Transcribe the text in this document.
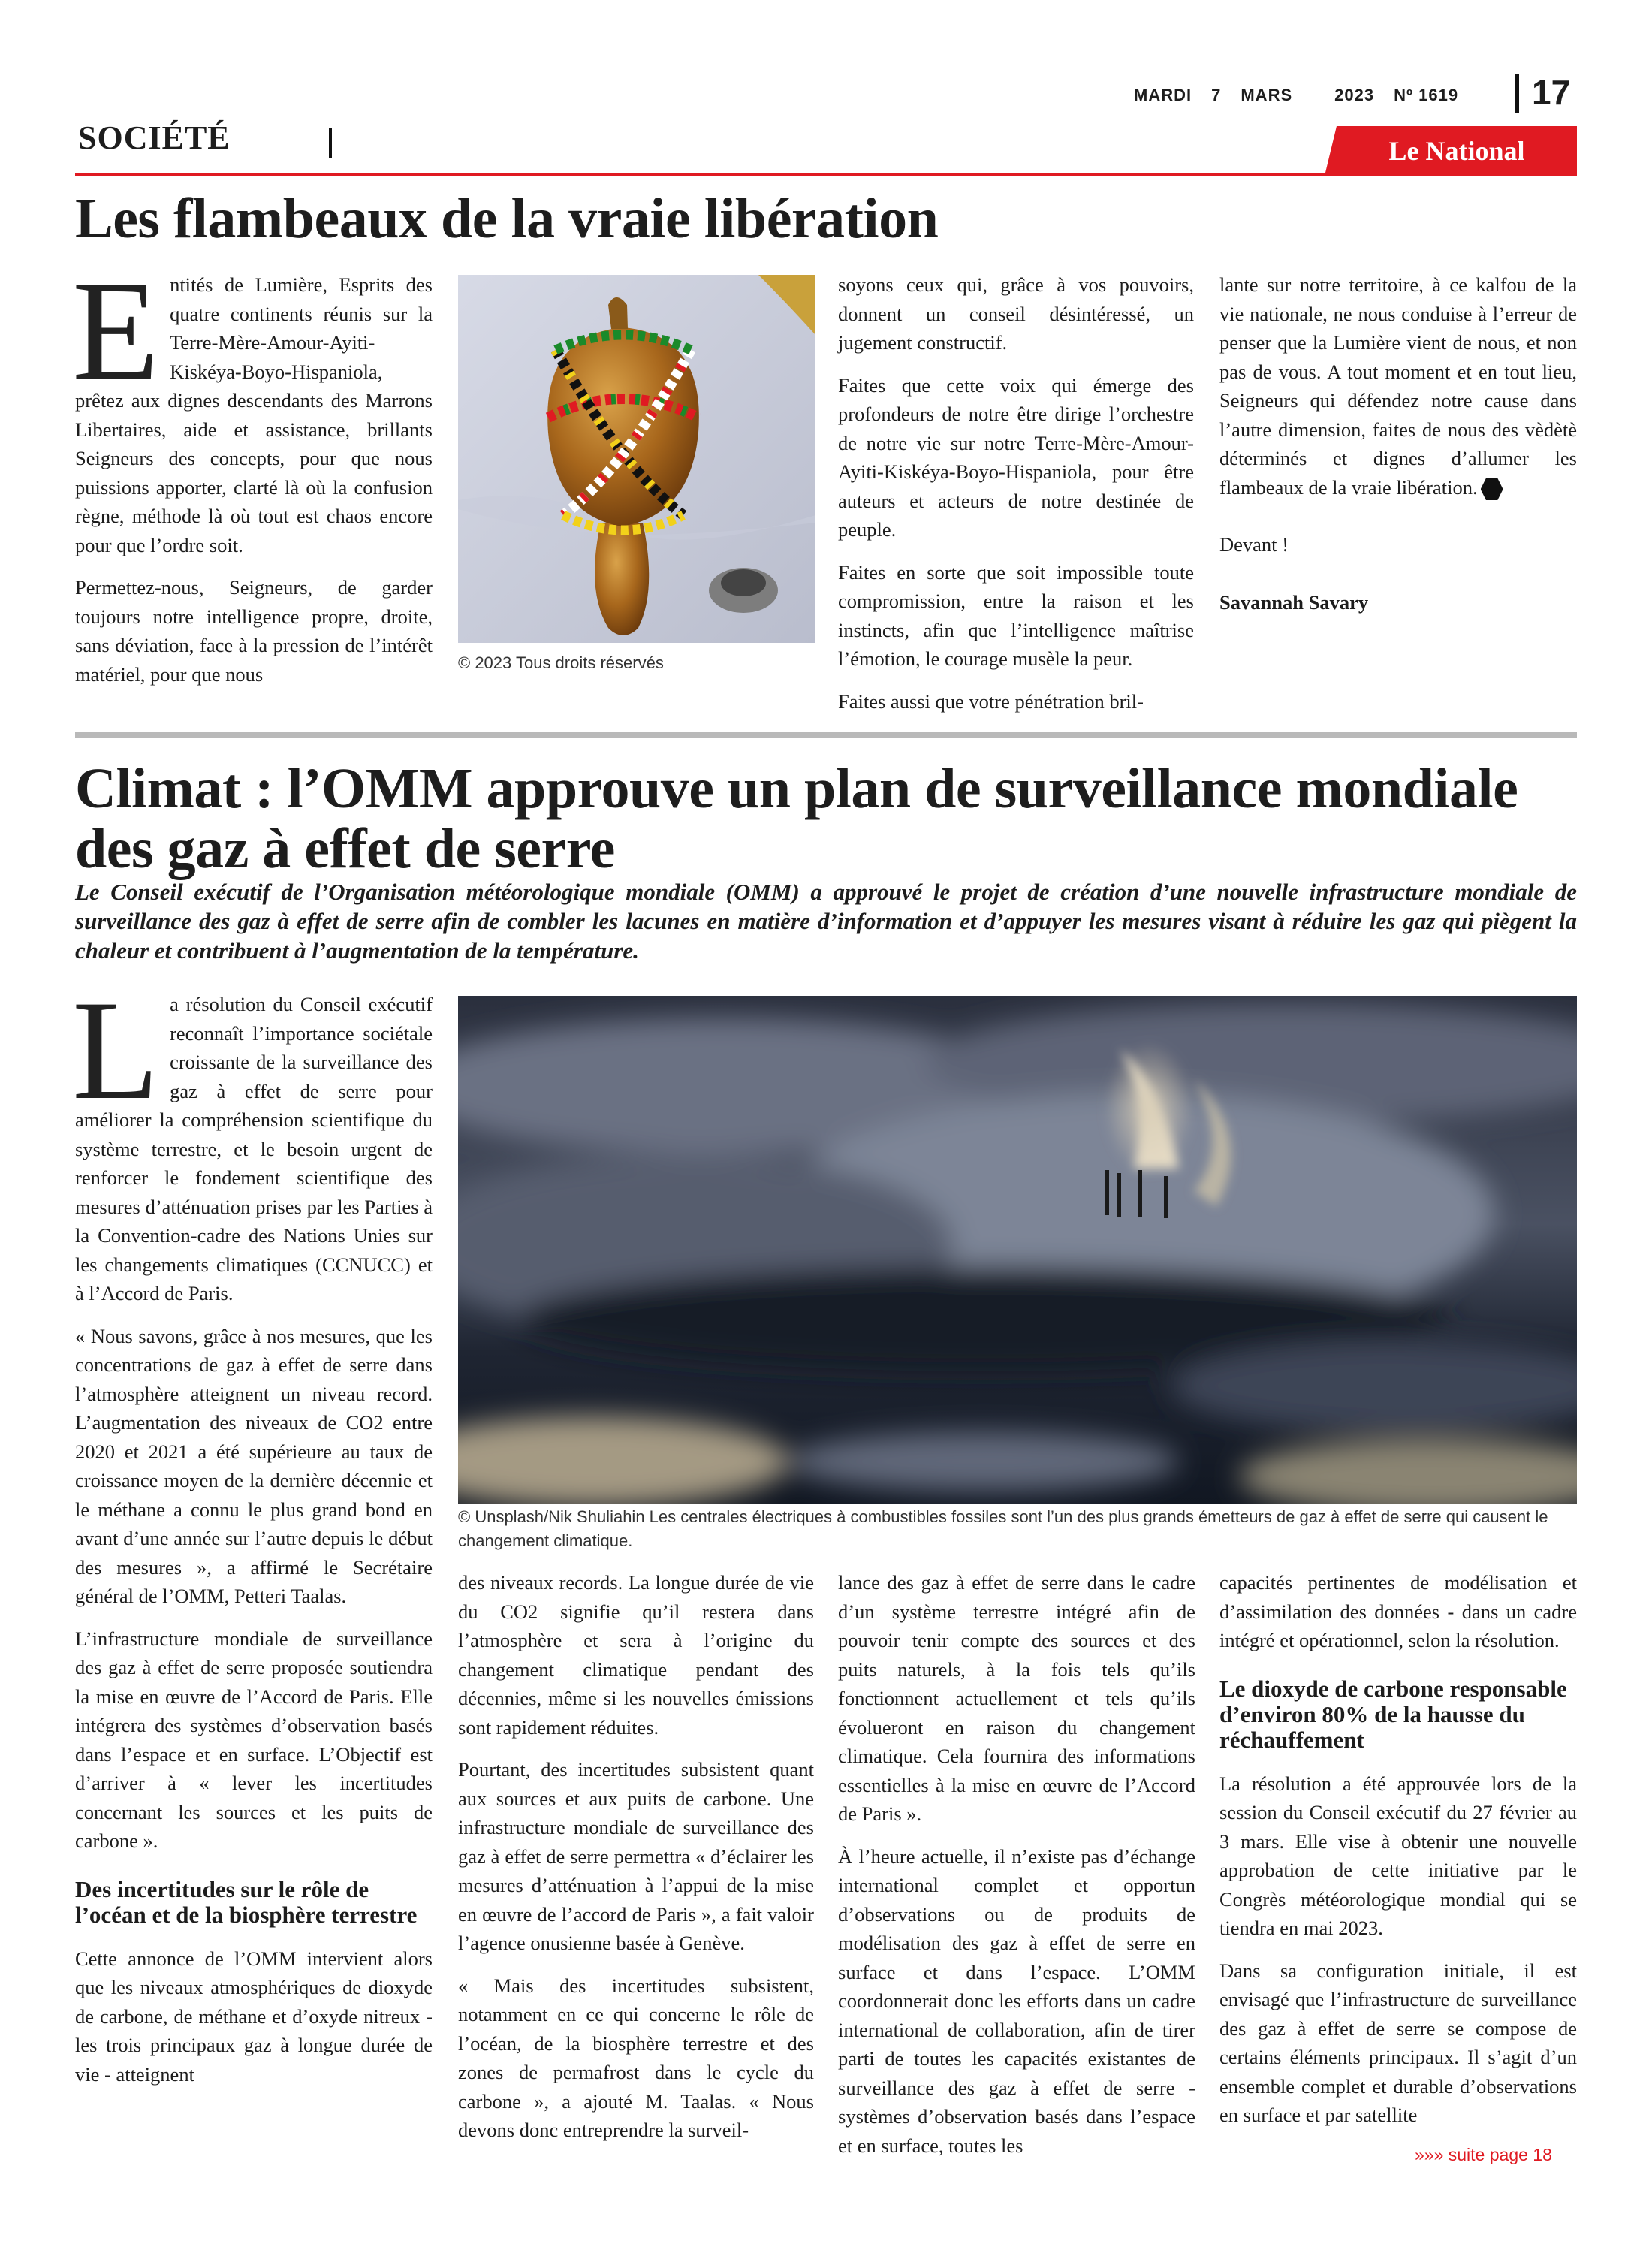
MARDI 7 MARS	2023 Nº 1619	17
SOCIÉTÉ	Le National
Les flambeaux de la vraie libération

Entités de Lumière, Esprits des quatre continents réunis sur la Terre-Mère-Amour-Ayiti-Kiskéya-Boyo-Hispaniola, prêtez aux dignes descendants des Marrons Libertaires, aide et assistance, brillants Seigneurs des concepts, pour que nous puissions apporter, clarté là où la confusion règne, méthode là où tout est chaos encore pour que l’ordre soit.

Permettez-nous, Seigneurs, de garder toujours notre intelligence propre, droite, sans déviation, face à la pression de l’intérêt matériel, pour que nous	© 2023 Tous droits réservés

soyons ceux qui, grâce à vos pouvoirs, donnent un conseil désintéressé, un jugement constructif.

Faites que cette voix qui émerge des profondeurs de notre être dirige l’orchestre de notre vie sur notre Terre-Mère-Amour-Ayiti-Kiskéya-Boyo-Hispaniola, pour être auteurs et acteurs de notre destinée de peuple.

Faites en sorte que soit impossible toute compromission, entre la raison et les instincts, afin que l’intelligence maîtrise l’émotion, le courage musèle la peur.

Faites aussi que votre pénétration bril-

lante sur notre territoire, à ce kalfou de la vie nationale, ne nous conduise à l’erreur de penser que la Lumière vient de nous, et non pas de vous. A tout moment et en tout lieu, Seigneurs qui défendez notre cause dans l’autre dimension, faites de nous des vèdètè déterminés et dignes d’allumer les flambeaux de la vraie libération.

Devant !

Savannah Savary

Climat : l’OMM approuve un plan de surveillance mondiale des gaz à effet de serre
Le Conseil exécutif de l’Organisation météorologique mondiale (OMM) a approuvé le projet de création d’une nouvelle infrastructure mondiale de surveillance des gaz à effet de serre afin de combler les lacunes en matière d’information et d’appuyer les mesures visant à réduire les gaz qui piègent la chaleur et contribuent à l’augmentation de la température.

La résolution du Conseil exécutif reconnaît l’importance sociétale croissante de la surveillance des gaz à effet de serre pour améliorer la compréhension scientifique du système terrestre, et le besoin urgent de renforcer le fondement scientifique des mesures d’atténuation prises par les Parties à la Convention-cadre des Nations Unies sur les changements climatiques (CCNUCC) et à l’Accord de Paris.

« Nous savons, grâce à nos mesures, que les concentrations de gaz à effet de serre dans l’atmosphère atteignent un niveau record. L’augmentation des niveaux de CO2 entre 2020 et 2021 a été supérieure au taux de croissance moyen de la dernière décennie et le méthane a connu le plus grand bond en avant d’une année sur l’autre depuis le début des mesures », a affirmé le Secrétaire général de l’OMM, Petteri Taalas.

L’infrastructure mondiale de surveillance des gaz à effet de serre proposée soutiendra la mise en œuvre de l’Accord de Paris. Elle intégrera des systèmes d’observation basés dans l’espace et en surface. L’Objectif est d’arriver à « lever les incertitudes concernant les sources et les puits de carbone ».

Des incertitudes sur le rôle de l’océan et de la biosphère terrestre

Cette annonce de l’OMM intervient alors que les niveaux atmosphériques de dioxyde de carbone, de méthane et d’oxyde nitreux - les trois principaux gaz à longue durée de vie - atteignent

© Unsplash/Nik Shuliahin Les centrales électriques à combustibles fossiles sont l’un des plus grands émetteurs de gaz à effet de serre qui causent le changement climatique.

des niveaux records. La longue durée de vie du CO2 signifie qu’il restera dans l’atmosphère et sera à l’origine du changement climatique pendant des décennies, même si les nouvelles émissions sont rapidement réduites.

Pourtant, des incertitudes subsistent quant aux sources et aux puits de carbone. Une infrastructure mondiale de surveillance des gaz à effet de serre permettra « d’éclairer les mesures d’atténuation à l’appui de la mise en œuvre de l’accord de Paris », a fait valoir l’agence onusienne basée à Genève.

« Mais des incertitudes subsistent, notamment en ce qui concerne le rôle de l’océan, de la biosphère terrestre et des zones de permafrost dans le cycle du carbone », a ajouté M. Taalas. « Nous devons donc entreprendre la surveil-

lance des gaz à effet de serre dans le cadre d’un système terrestre intégré afin de pouvoir tenir compte des sources et des puits naturels, à la fois tels qu’ils fonctionnent actuellement et tels qu’ils évolueront en raison du changement climatique. Cela fournira des informations essentielles à la mise en œuvre de l’Accord de Paris ».

À l’heure actuelle, il n’existe pas d’échange international complet et opportun d’observations ou de produits de modélisation des gaz à effet de serre en surface et dans l’espace. L’OMM coordonnerait donc les efforts dans un cadre international de collaboration, afin de tirer parti de toutes les capacités existantes de surveillance des gaz à effet de serre - systèmes d’observation basés dans l’espace et en surface, toutes les

capacités pertinentes de modélisation et d’assimilation des données - dans un cadre intégré et opérationnel, selon la résolution.

Le dioxyde de carbone responsable d’environ 80% de la hausse du réchauffement

La résolution a été approuvée lors de la session du Conseil exécutif du 27 février au 3 mars. Elle vise à obtenir une nouvelle approbation de cette initiative par le Congrès météorologique mondial qui se tiendra en mai 2023.

Dans sa configuration initiale, il est envisagé que l’infrastructure de surveillance des gaz à effet de serre se compose de certains éléments principaux. Il s’agit d’un ensemble complet et durable d’observations en surface et par satellite

»»» suite page 18
